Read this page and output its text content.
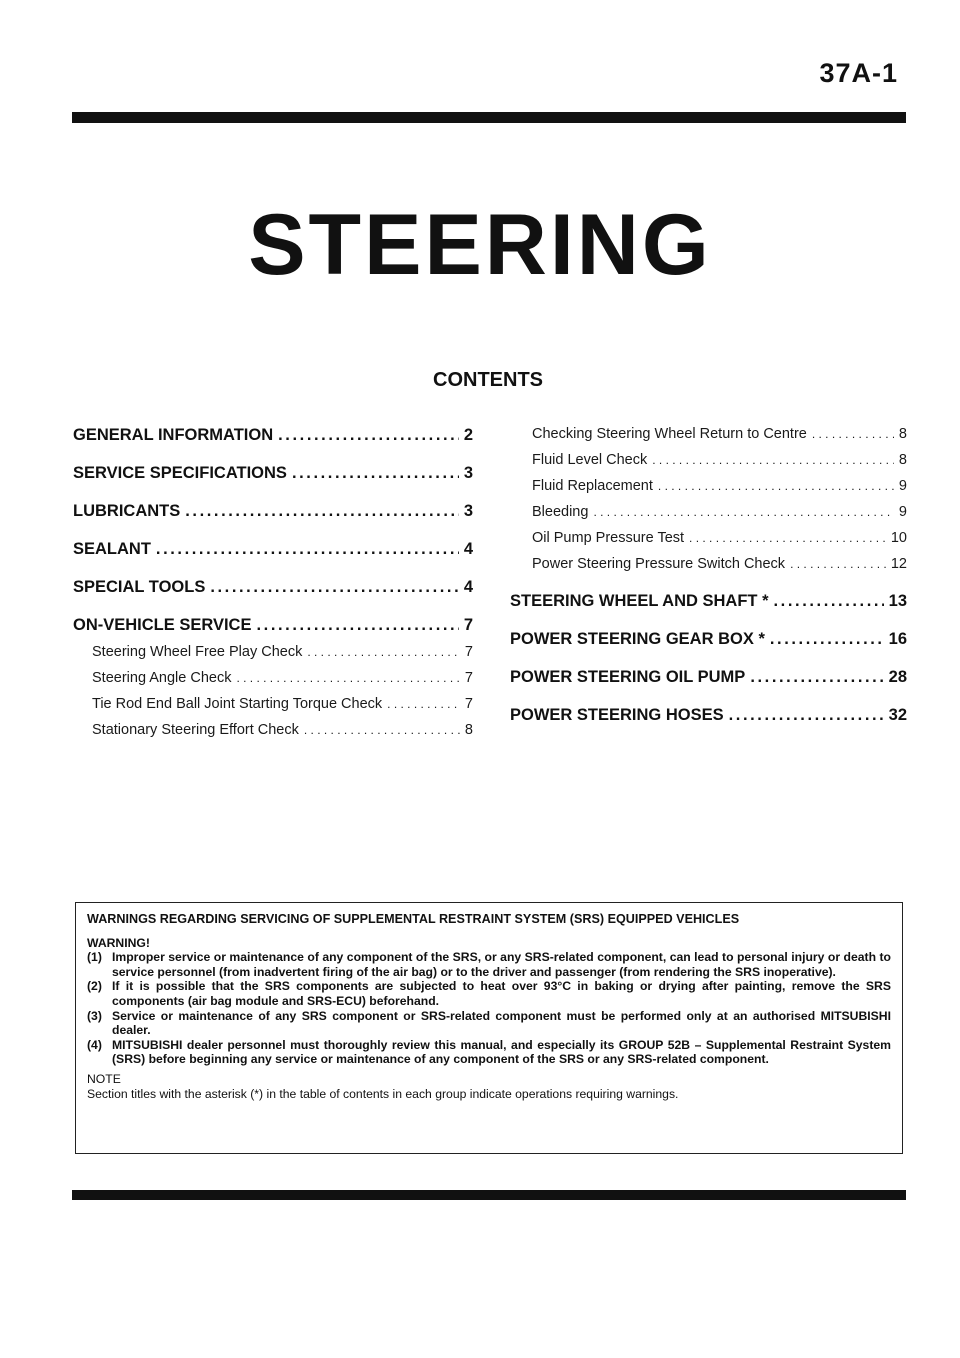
37A-1
STEERING
CONTENTS
GENERAL INFORMATION . . .	2
SERVICE SPECIFICATIONS . . .	3
LUBRICANTS . . .	3
SEALANT . . .	4
SPECIAL TOOLS . . .	4
ON-VEHICLE SERVICE . . .	7
Steering Wheel Free Play Check . . .	7
Steering Angle Check . . .	7
Tie Rod End Ball Joint Starting Torque Check . . .	7
Stationary Steering Effort Check . . .	8
Checking Steering Wheel Return to Centre . . .	8
Fluid Level Check . . .	8
Fluid Replacement . . .	9
Bleeding . . .	9
Oil Pump Pressure Test . . .	10
Power Steering Pressure Switch Check . . .	12
STEERING WHEEL AND SHAFT * . . .	13
POWER STEERING GEAR BOX * . . .	16
POWER STEERING OIL PUMP . . .	28
POWER STEERING HOSES . . .	32
WARNINGS REGARDING SERVICING OF SUPPLEMENTAL RESTRAINT SYSTEM (SRS) EQUIPPED VEHICLES
WARNING!
(1) Improper service or maintenance of any component of the SRS, or any SRS-related component, can lead to personal injury or death to service personnel (from inadvertent firing of the air bag) or to the driver and passenger (from rendering the SRS inoperative).
(2) If it is possible that the SRS components are subjected to heat over 93°C in baking or drying after painting, remove the SRS components (air bag module and SRS-ECU) beforehand.
(3) Service or maintenance of any SRS component or SRS-related component must be performed only at an authorised MITSUBISHI dealer.
(4) MITSUBISHI dealer personnel must thoroughly review this manual, and especially its GROUP 52B – Supplemental Restraint System (SRS) before beginning any service or maintenance of any component of the SRS or any SRS-related component.
NOTE
Section titles with the asterisk (*) in the table of contents in each group indicate operations requiring warnings.
